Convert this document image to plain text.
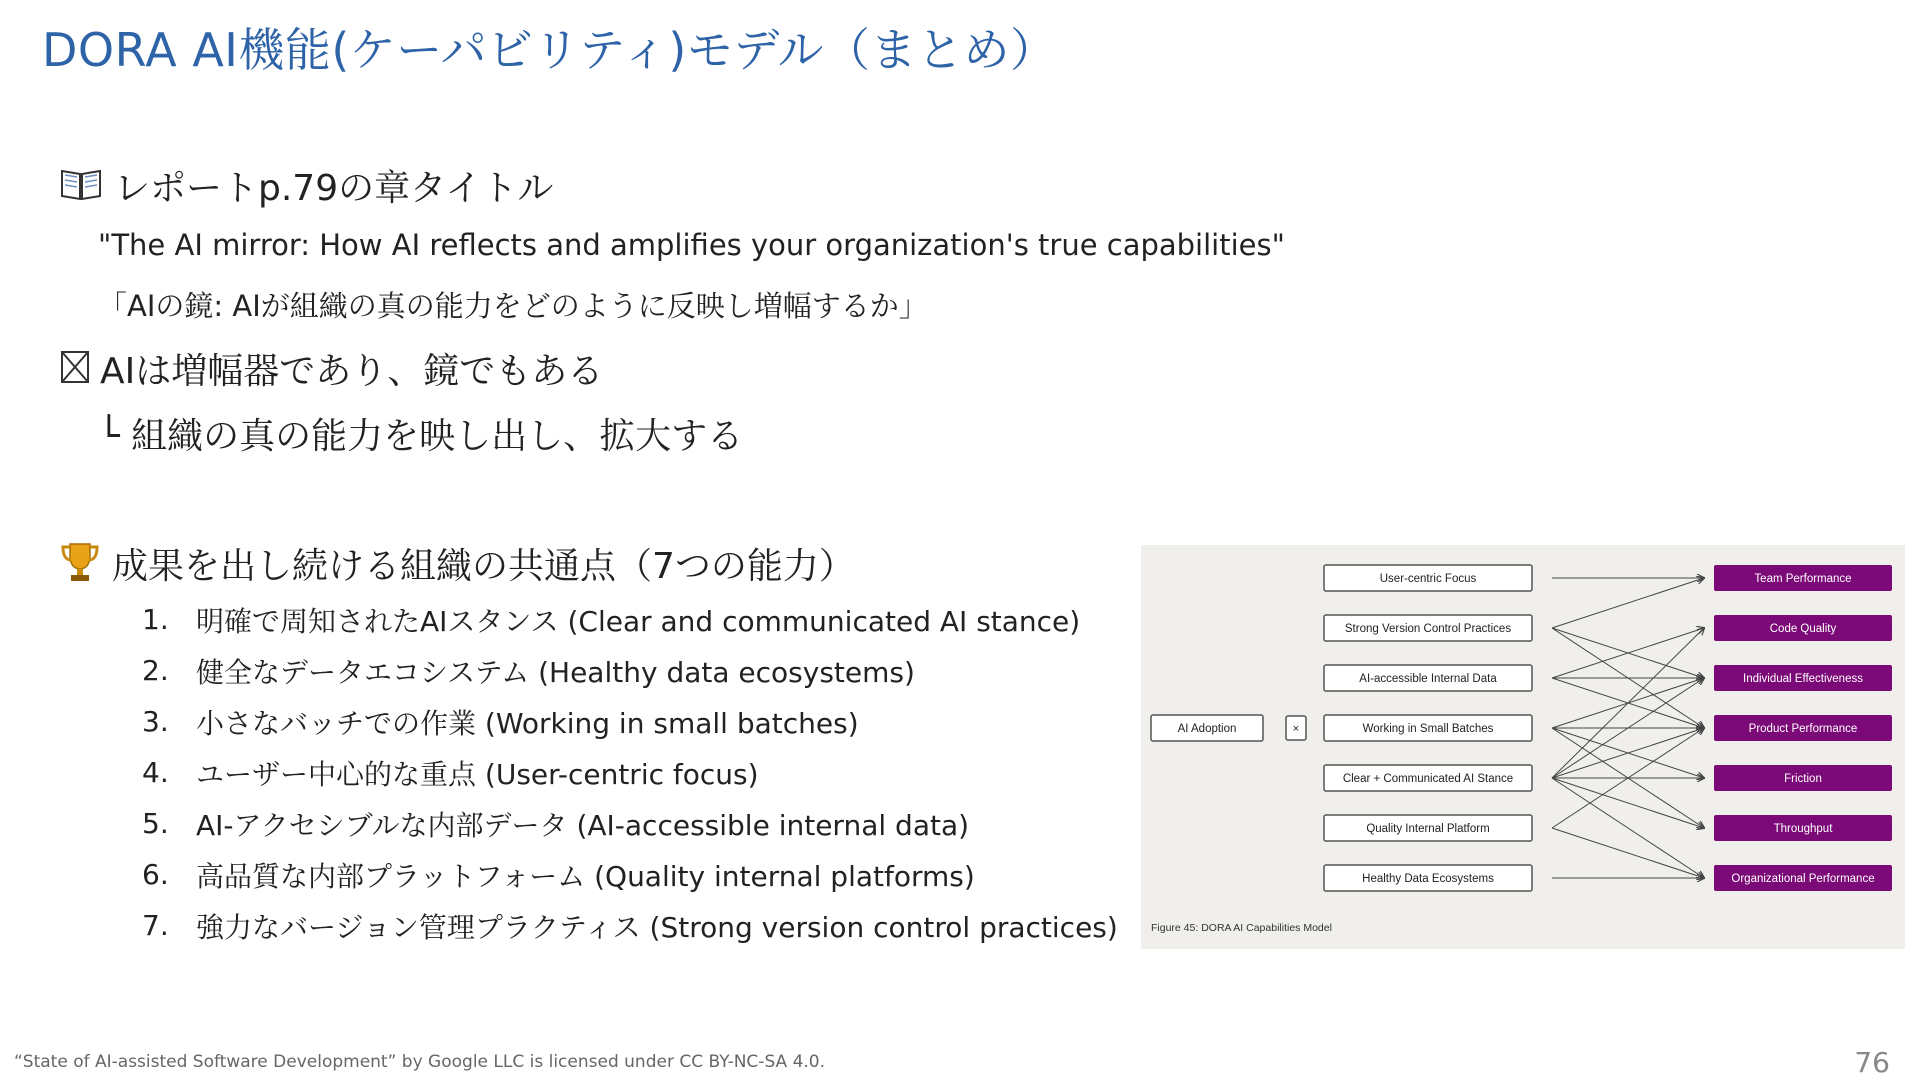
DORA AI機能(ケーパビリティ)モデル（まとめ）
レポートp.79の章タイトル
"The AI mirror: How AI reflects and amplifies your organization's true capabilities"
「AIの鏡: AIが組織の真の能力をどのように反映し増幅するか」
AIは増幅器であり、鏡でもある
└ 組織の真の能力を映し出し、拡大する
成果を出し続ける組織の共通点（7つの能力）
1. 明確で周知されたAIスタンス (Clear and communicated AI stance)
2. 健全なデータエコシステム (Healthy data ecosystems)
3. 小さなバッチでの作業 (Working in small batches)
4. ユーザー中心的な重点 (User-centric focus)
5. AI-アクセシブルな内部データ (AI-accessible internal data)
6. 高品質な内部プラットフォーム (Quality internal platforms)
7. 強力なバージョン管理プラクティス (Strong version control practices)
AI Adoption	×
User-centric Focus
Strong Version Control Practices
AI-accessible Internal Data
Working in Small Batches
Clear + Communicated AI Stance
Quality Internal Platform
Healthy Data Ecosystems
Team Performance
Code Quality
Individual Effectiveness
Product Performance
Friction
Throughput
Organizational Performance
Figure 45: DORA AI Capabilities Model
“State of AI-assisted Software Development” by Google LLC is licensed under CC BY-NC-SA 4.0.	76
